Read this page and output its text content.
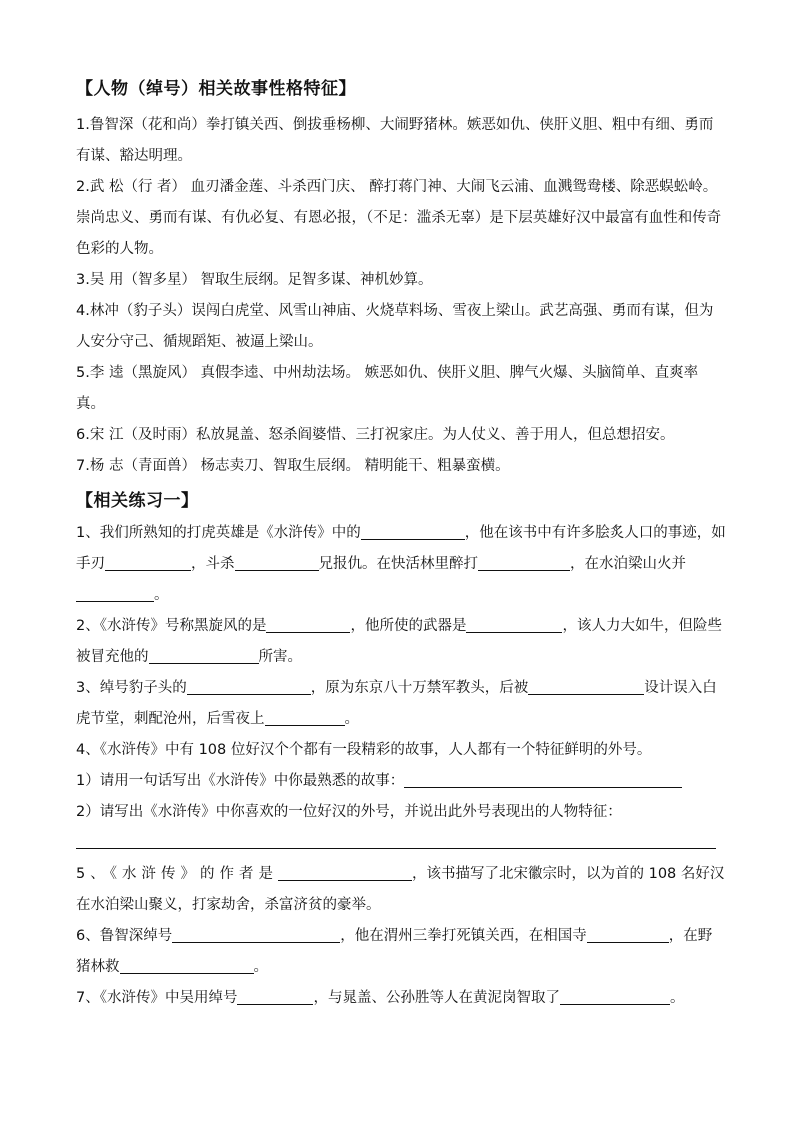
【人物（绰号）相关故事性格特征】

1.鲁智深（花和尚）拳打镇关西、倒拔垂杨柳、大闹野猪林。嫉恶如仇、侠肝义胆、粗中有细、勇而有谋、豁达明理。

2.武 松（行 者） 血刃潘金莲、斗杀西门庆、 醉打蒋门神、大闹飞云浦、血溅鸳鸯楼、除恶蜈蚣岭。崇尚忠义、勇而有谋、有仇必复、有恩必报，（不足：滥杀无辜）是下层英雄好汉中最富有血性和传奇色彩的人物。

3.吴 用（智多星） 智取生辰纲。足智多谋、神机妙算。

4.林冲（豹子头）误闯白虎堂、风雪山神庙、火烧草料场、雪夜上梁山。武艺高强、勇而有谋，但为人安分守己、循规蹈矩、被逼上梁山。

5.李 逵（黑旋风） 真假李逵、中州劫法场。 嫉恶如仇、侠肝义胆、脾气火爆、头脑简单、直爽率真。

6.宋 江（及时雨）私放晁盖、怒杀阎婆惜、三打祝家庄。为人仗义、善于用人，但总想招安。

7.杨 志（青面兽） 杨志卖刀、智取生辰纲。 精明能干、粗暴蛮横。

【相关练习一】

1、我们所熟知的打虎英雄是《水浒传》中的	，他在该书中有许多脍炙人口的事迹，如手刃	，斗杀	兄报仇。在快活林里醉打	，在水泊梁山火并。

2、《水浒传》号称黑旋风的是	，他所使的武器是	，该人力大如牛，但险些被冒充他的	所害。

3、绰号豹子头的	，原为东京八十万禁军教头，后被	设计误入白虎节堂，刺配沧州，后雪夜上	。

4、《水浒传》中有 108 位好汉个个都有一段精彩的故事，人人都有一个特征鲜明的外号。

1）请用一句话写出《水浒传》中你最熟悉的故事：

2）请写出《水浒传》中你喜欢的一位好汉的外号，并说出此外号表现出的人物特征：

5、《水浒传》的作者是	，该书描写了北宋徽宗时，以为首的 108 名好汉在水泊梁山聚义，打家劫舍，杀富济贫的豪举。

6、鲁智深绰号	，他在渭州三拳打死镇关西，在相国寺	，在野猪林救	。

7、《水浒传》中吴用绰号	，与晁盖、公孙胜等人在黄泥岗智取了	。
